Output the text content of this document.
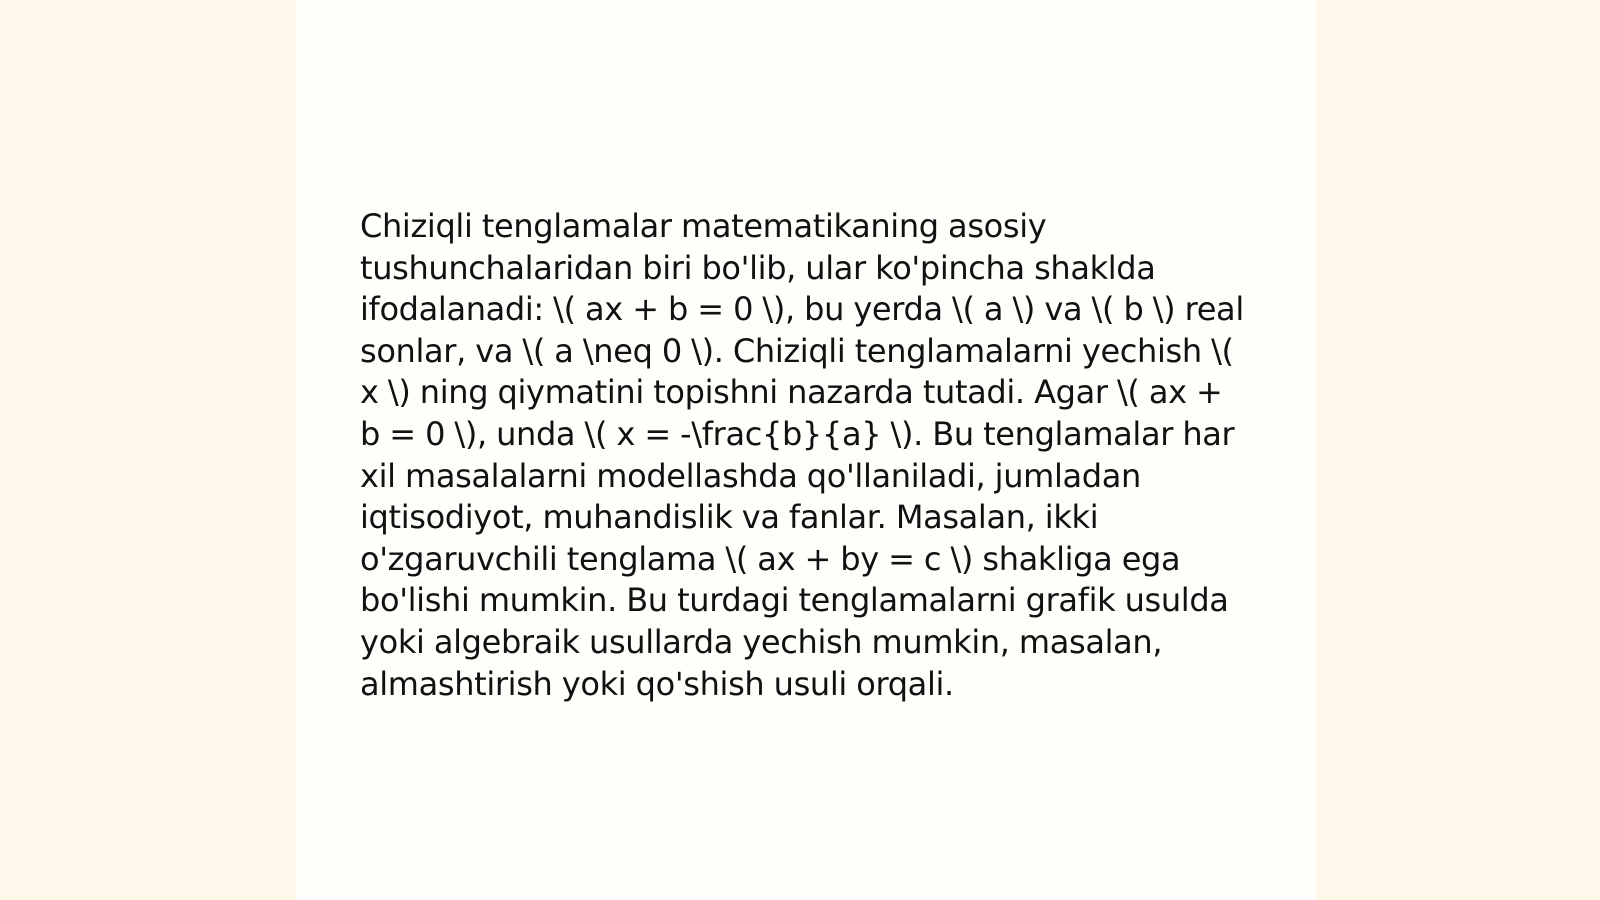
Chiziqli tenglamalar matematikaning asosiy tushunchalaridan biri bo'lib, ular ko'pincha shaklda ifodalanadi: \( ax + b = 0 \), bu yerda \( a \) va \( b \) real sonlar, va \( a \neq 0 \). Chiziqli tenglamalarni yechish \( x \) ning qiymatini topishni nazarda tutadi. Agar \( ax + b = 0 \), unda \( x = -\frac{b}{a} \). Bu tenglamalar har xil masalalarni modellashda qo'llaniladi, jumladan iqtisodiyot, muhandislik va fanlar. Masalan, ikki o'zgaruvchili tenglama \( ax + by = c \) shakliga ega bo'lishi mumkin. Bu turdagi tenglamalarni grafik usulda yoki algebraik usullarda yechish mumkin, masalan, almashtirish yoki qo'shish usuli orqali.
